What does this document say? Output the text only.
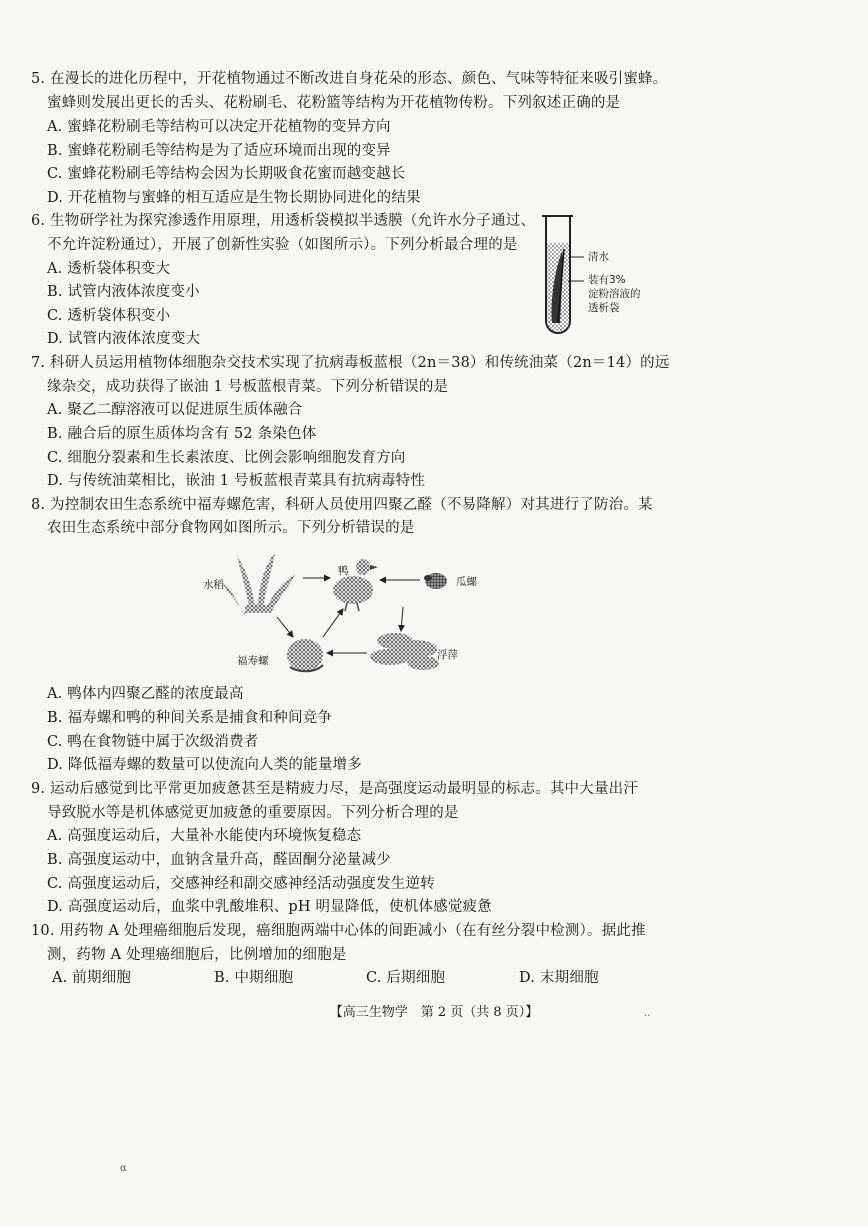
5. 在漫长的进化历程中，开花植物通过不断改进自身花朵的形态、颜色、气味等特征来吸引蜜蜂。
蜜蜂则发展出更长的舌头、花粉刷毛、花粉篮等结构为开花植物传粉。下列叙述正确的是
A. 蜜蜂花粉刷毛等结构可以决定开花植物的变异方向
B. 蜜蜂花粉刷毛等结构是为了适应环境而出现的变异
C. 蜜蜂花粉刷毛等结构会因为长期吸食花蜜而越变越长
D. 开花植物与蜜蜂的相互适应是生物长期协同进化的结果
6. 生物研学社为探究渗透作用原理，用透析袋模拟半透膜（允许水分子通过、
不允许淀粉通过），开展了创新性实验（如图所示）。下列分析最合理的是
A. 透析袋体积变大
B. 试管内液体浓度变小
C. 透析袋体积变小
D. 试管内液体浓度变大
清水
装有3%
淀粉溶液的
透析袋
7. 科研人员运用植物体细胞杂交技术实现了抗病毒板蓝根（2n＝38）和传统油菜（2n＝14）的远
缘杂交，成功获得了嵌油 1 号板蓝根青菜。下列分析错误的是
A. 聚乙二醇溶液可以促进原生质体融合
B. 融合后的原生质体均含有 52 条染色体
C. 细胞分裂素和生长素浓度、比例会影响细胞发育方向
D. 与传统油菜相比，嵌油 1 号板蓝根青菜具有抗病毒特性
8. 为控制农田生态系统中福寿螺危害，科研人员使用四聚乙醛（不易降解）对其进行了防治。某
农田生态系统中部分食物网如图所示。下列分析错误的是
水稻
鸭
瓜螺
福寿螺	浮萍
A. 鸭体内四聚乙醛的浓度最高
B. 福寿螺和鸭的种间关系是捕食和种间竞争
C. 鸭在食物链中属于次级消费者
D. 降低福寿螺的数量可以使流向人类的能量增多
9. 运动后感觉到比平常更加疲惫甚至是精疲力尽，是高强度运动最明显的标志。其中大量出汗
导致脱水等是机体感觉更加疲惫的重要原因。下列分析合理的是
A. 高强度运动后，大量补水能使内环境恢复稳态
B. 高强度运动中，血钠含量升高，醛固酮分泌量减少
C. 高强度运动后，交感神经和副交感神经活动强度发生逆转
D. 高强度运动后，血浆中乳酸堆积、pH 明显降低，使机体感觉疲惫
10. 用药物 A 处理癌细胞后发现，癌细胞两端中心体的间距减小（在有丝分裂中检测）。据此推
测，药物 A 处理癌细胞后，比例增加的细胞是
A. 前期细胞	B. 中期细胞	C. 后期细胞	D. 末期细胞
【高三生物学　第 2 页（共 8 页）】	..
α
